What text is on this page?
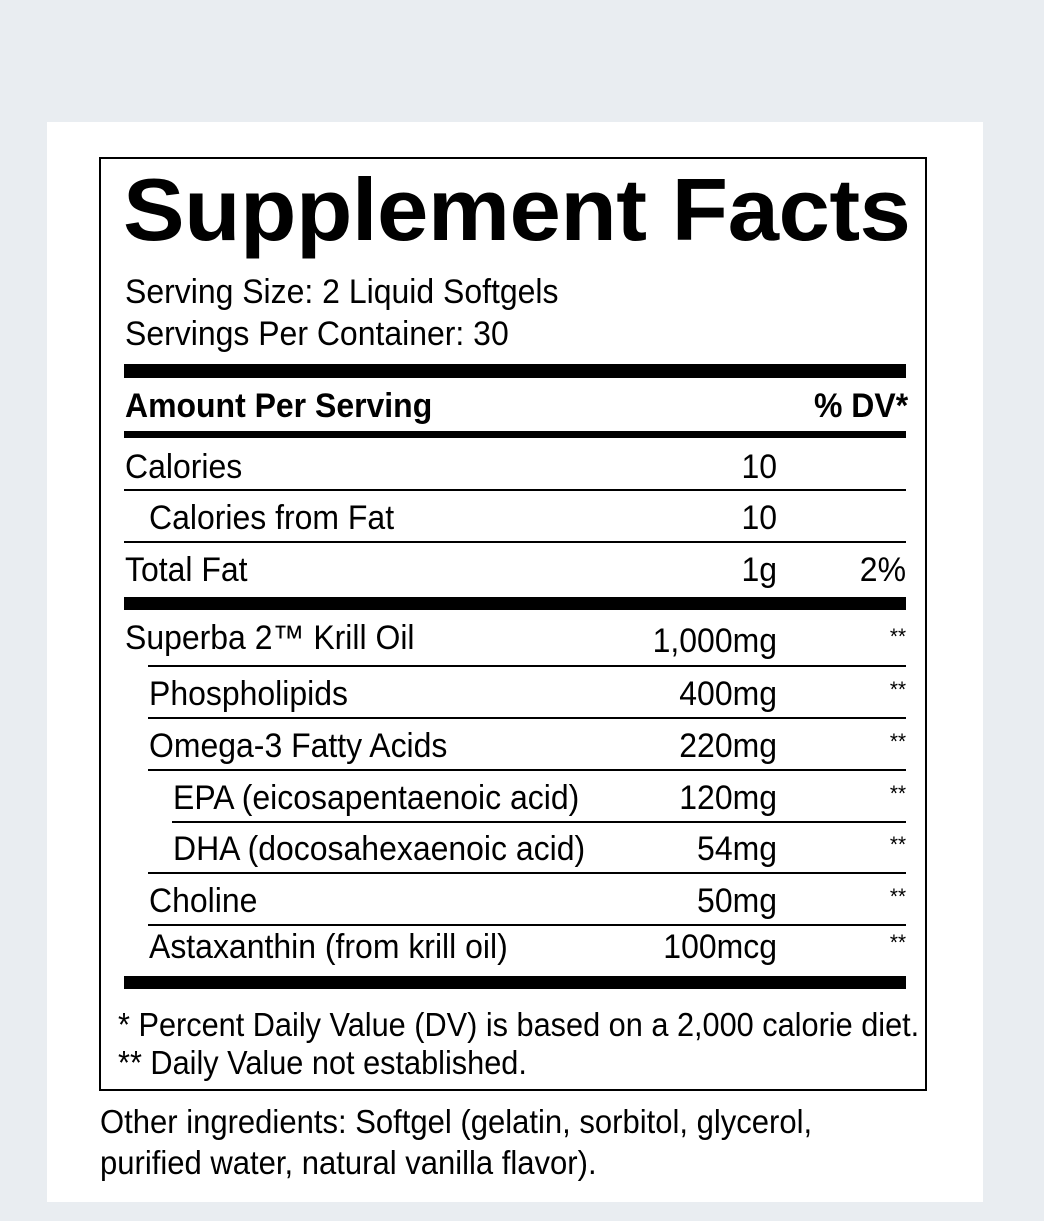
Supplement Facts
Serving Size: 2 Liquid Softgels
Servings Per Container: 30
Amount Per Serving	% DV*
Calories	10
Calories from Fat	10
Total Fat	1g	2%
Superba 2™ Krill Oil	1,000mg	**
Phospholipids	400mg	**
Omega-3 Fatty Acids	220mg	**
EPA (eicosapentaenoic acid)	120mg	**
DHA (docosahexaenoic acid)	54mg	**
Choline	50mg	**
Astaxanthin (from krill oil)	100mcg	**
* Percent Daily Value (DV) is based on a 2,000 calorie diet.
** Daily Value not established.
Other ingredients: Softgel (gelatin, sorbitol, glycerol,
purified water, natural vanilla flavor).
